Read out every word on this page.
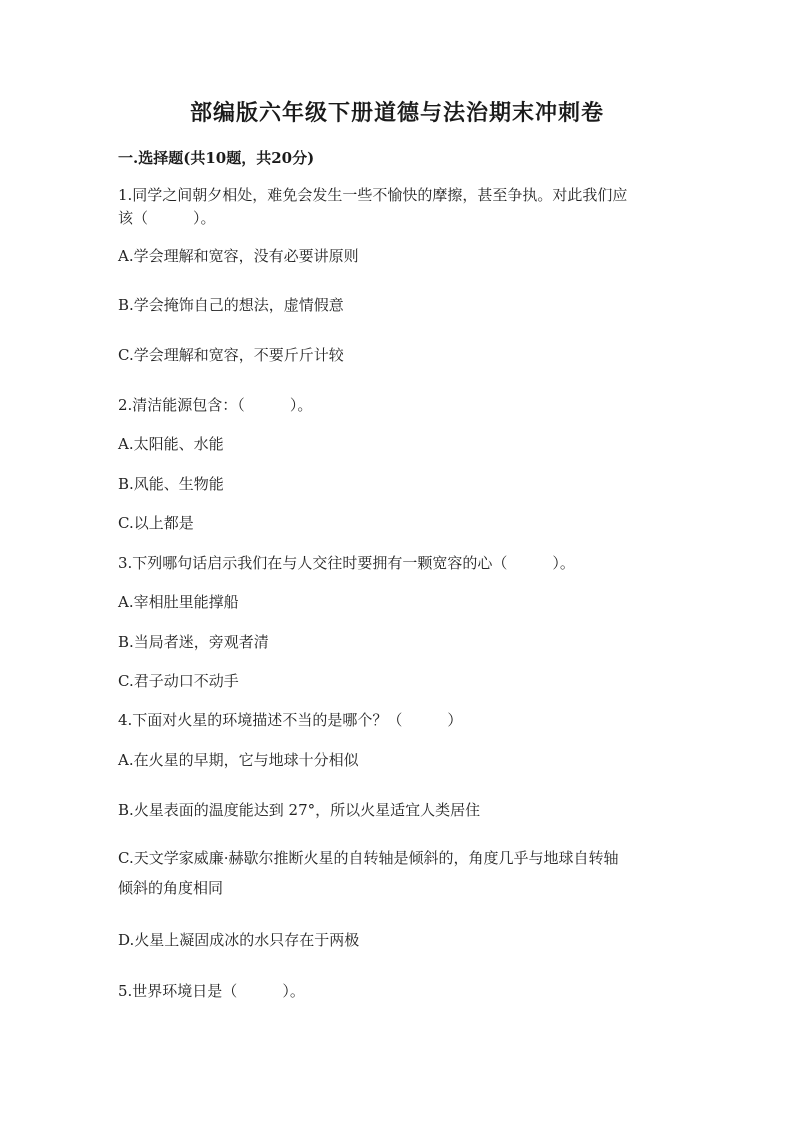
部编版六年级下册道德与法治期末冲刺卷
一.选择题(共10题，共20分)
1.同学之间朝夕相处，难免会发生一些不愉快的摩擦，甚至争执。对此我们应
该（　　　）。
A.学会理解和宽容，没有必要讲原则
B.学会掩饰自己的想法，虚情假意
C.学会理解和宽容，不要斤斤计较
2.清洁能源包含：（　　　）。
A.太阳能、水能
B.风能、生物能
C.以上都是
3.下列哪句话启示我们在与人交往时要拥有一颗宽容的心（　　　）。
A.宰相肚里能撑船
B.当局者迷，旁观者清
C.君子动口不动手
4.下面对火星的环境描述不当的是哪个？（　　　）
A.在火星的早期，它与地球十分相似
B.火星表面的温度能达到 27°，所以火星适宜人类居住
C.天文学家威廉·赫歇尔推断火星的自转轴是倾斜的，角度几乎与地球自转轴
倾斜的角度相同
D.火星上凝固成冰的水只存在于两极
5.世界环境日是（　　　）。
